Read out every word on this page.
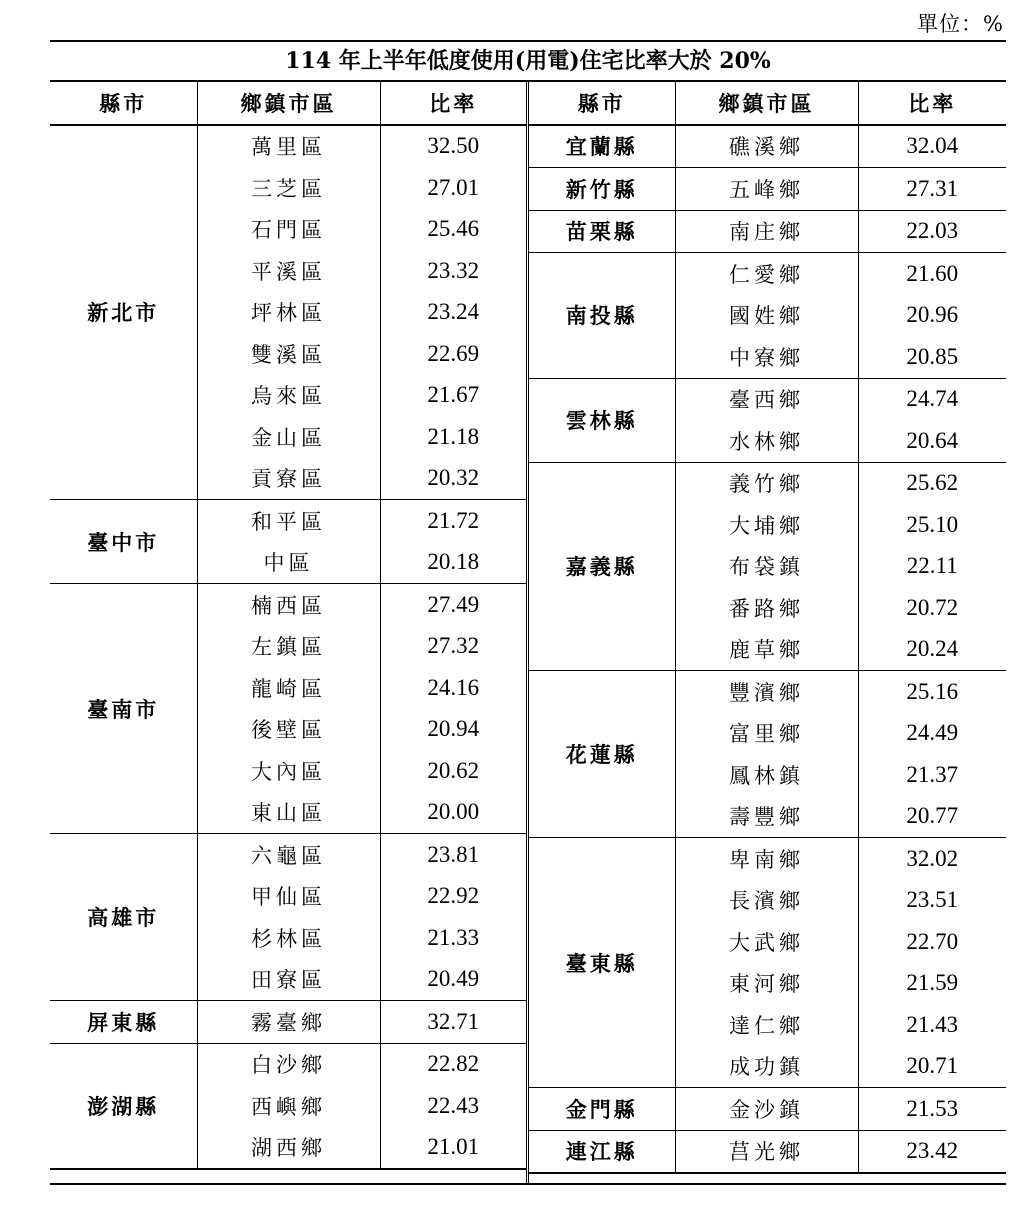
單位：%
114 年上半年低度使用(用電)住宅比率大於 20%
縣市	鄉鎮市區	比率
新北市	萬里區	32.50
	三芝區	27.01
	石門區	25.46
	平溪區	23.32
	坪林區	23.24
	雙溪區	22.69
	烏來區	21.67
	金山區	21.18
	貢寮區	20.32
臺中市	和平區	21.72
	中區	20.18
臺南市	楠西區	27.49
	左鎮區	27.32
	龍崎區	24.16
	後壁區	20.94
	大內區	20.62
	東山區	20.00
高雄市	六龜區	23.81
	甲仙區	22.92
	杉林區	21.33
	田寮區	20.49
屏東縣	霧臺鄉	32.71
澎湖縣	白沙鄉	22.82
	西嶼鄉	22.43
	湖西鄉	21.01
縣市	鄉鎮市區	比率
宜蘭縣	礁溪鄉	32.04
新竹縣	五峰鄉	27.31
苗栗縣	南庄鄉	22.03
南投縣	仁愛鄉	21.60
	國姓鄉	20.96
	中寮鄉	20.85
雲林縣	臺西鄉	24.74
	水林鄉	20.64
嘉義縣	義竹鄉	25.62
	大埔鄉	25.10
	布袋鎮	22.11
	番路鄉	20.72
	鹿草鄉	20.24
花蓮縣	豐濱鄉	25.16
	富里鄉	24.49
	鳳林鎮	21.37
	壽豐鄉	20.77
臺東縣	卑南鄉	32.02
	長濱鄉	23.51
	大武鄉	22.70
	東河鄉	21.59
	達仁鄉	21.43
	成功鎮	20.71
金門縣	金沙鎮	21.53
連江縣	莒光鄉	23.42
